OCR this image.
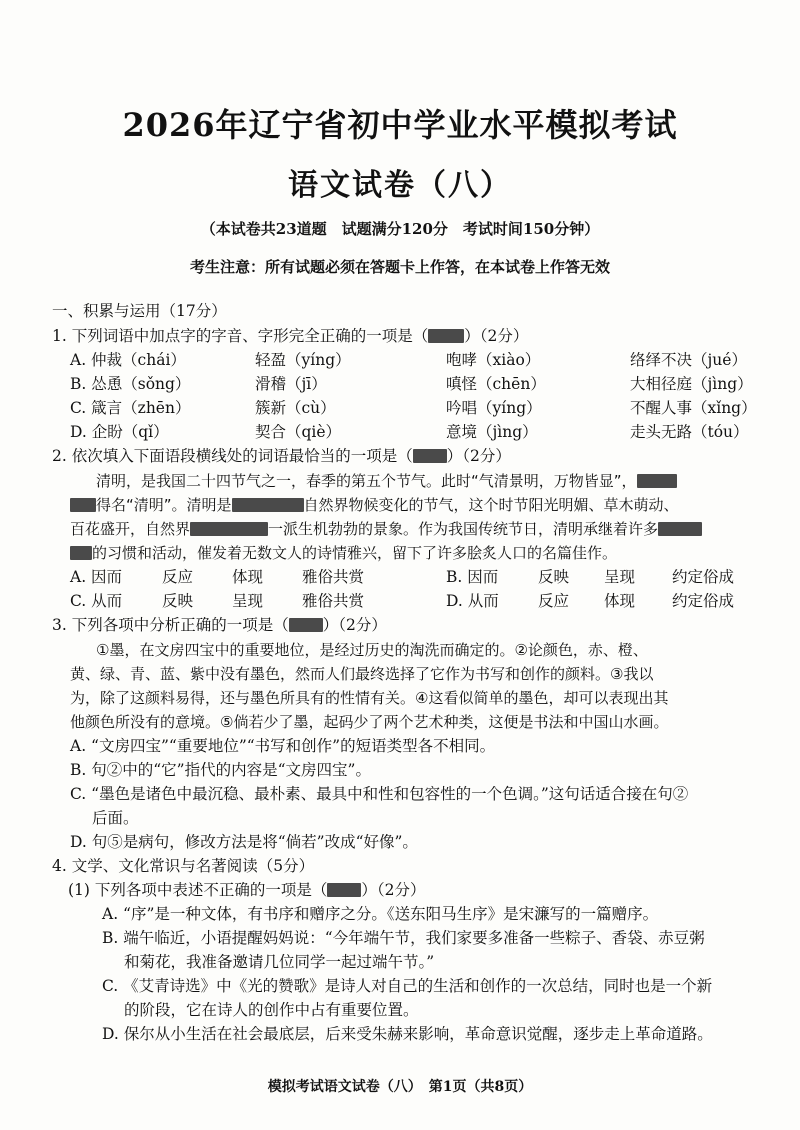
2026年辽宁省初中学业水平模拟考试
语文试卷（八）
（本试卷共23道题　试题满分120分　考试时间150分钟）
考生注意：所有试题必须在答题卡上作答，在本试卷上作答无效
一、积累与运用（17分）
1. 下列词语中加点字的字音、字形完全正确的一项是（ ）（2分）
A. 仲裁（chái）	轻盈（yíng）	咆哮（xiào）	络绎不决（jué）
B. 怂恿（sǒng）	滑稽（jī）	嗔怪（chēn）	大相径庭（jìng）
C. 箴言（zhēn）	簇新（cù）	吟唱（yíng）	不醒人事（xǐng）
D. 企盼（qǐ）	契合（qiè）	意境（jìng）	走头无路（tóu）
2. 依次填入下面语段横线处的词语最恰当的一项是（ ）（2分）
清明，是我国二十四节气之一，春季的第五个节气。此时“气清景明，万物皆显”，
得名“清明”。清明是	自然界物候变化的节气，这个时节阳光明媚、草木萌动、
百花盛开，自然界	一派生机勃勃的景象。作为我国传统节日，清明承继着许多
的习惯和活动，催发着无数文人的诗情雅兴，留下了许多脍炙人口的名篇佳作。
A. 因而	反应	体现	雅俗共赏	B. 因而	反映 呈现 约定俗成
C. 从而	反映	呈现	雅俗共赏	D. 从而	反应 体现 约定俗成
3. 下列各项中分析正确的一项是（ ）（2分）
①墨，在文房四宝中的重要地位，是经过历史的淘洗而确定的。②论颜色，赤、橙、
黄、绿、青、蓝、紫中没有墨色，然而人们最终选择了它作为书写和创作的颜料。③我以
为，除了这颜料易得，还与墨色所具有的性情有关。④这看似简单的墨色，却可以表现出其
他颜色所没有的意境。⑤倘若少了墨，起码少了两个艺术种类，这便是书法和中国山水画。
A. “文房四宝”“重要地位”“书写和创作”的短语类型各不相同。
B. 句②中的“它”指代的内容是“文房四宝”。
C. “墨色是诸色中最沉稳、最朴素、最具中和性和包容性的一个色调。”这句话适合接在句②
后面。
D. 句⑤是病句，修改方法是将“倘若”改成“好像”。
4. 文学、文化常识与名著阅读（5分）
(1) 下列各项中表述不正确的一项是（ ）（2分）
A. “序”是一种文体，有书序和赠序之分。《送东阳马生序》是宋濂写的一篇赠序。
B. 端午临近，小语提醒妈妈说：“今年端午节，我们家要多准备一些粽子、香袋、赤豆粥
和菊花，我准备邀请几位同学一起过端午节。”
C. 《艾青诗选》中《光的赞歌》是诗人对自己的生活和创作的一次总结，同时也是一个新
的阶段，它在诗人的创作中占有重要位置。
D. 保尔从小生活在社会最底层，后来受朱赫来影响，革命意识觉醒，逐步走上革命道路。
模拟考试语文试卷（八）　第1页（共8页）
